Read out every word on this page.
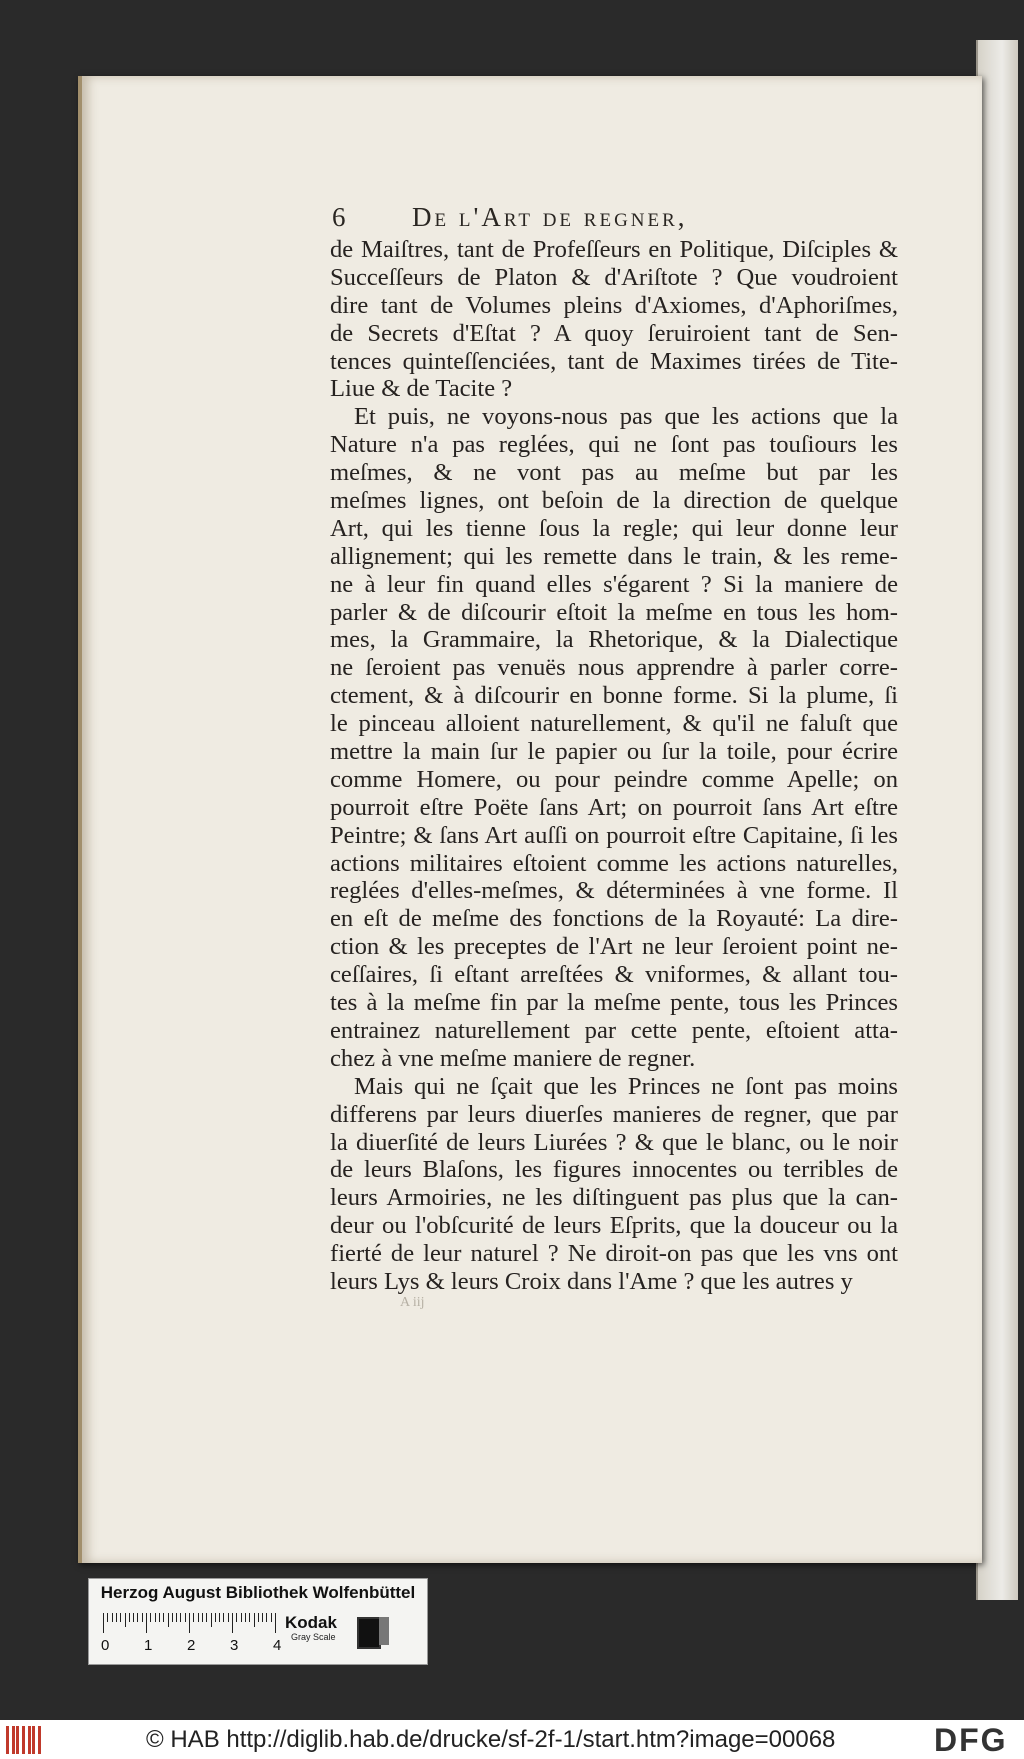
6 De l'Art de regner,
de Maiſtres, tant de Profeſſeurs en Politique, Diſciples &
Succeſſeurs de Platon & d'Ariſtote ? Que voudroient
dire tant de Volumes pleins d'Axiomes, d'Aphoriſmes,
de Secrets d'Eſtat ? A quoy ſeruiroient tant de Sen-
tences quinteſſenciées, tant de Maximes tirées de Tite-
Liue & de Tacite ?
Et puis, ne voyons-nous pas que les actions que la
Nature n'a pas reglées, qui ne ſont pas touſiours les
meſmes, & ne vont pas au meſme but par les
meſmes lignes, ont beſoin de la direction de quelque
Art, qui les tienne ſous la regle; qui leur donne leur
allignement; qui les remette dans le train, & les reme-
ne à leur fin quand elles s'égarent ? Si la maniere de
parler & de diſcourir eſtoit la meſme en tous les hom-
mes, la Grammaire, la Rhetorique, & la Dialectique
ne ſeroient pas venuës nous apprendre à parler corre-
ctement, & à diſcourir en bonne forme. Si la plume, ſi
le pinceau alloient naturellement, & qu'il ne faluſt que
mettre la main ſur le papier ou ſur la toile, pour écrire
comme Homere, ou pour peindre comme Apelle; on
pourroit eſtre Poëte ſans Art; on pourroit ſans Art eſtre
Peintre; & ſans Art auſſi on pourroit eſtre Capitaine, ſi les
actions militaires eſtoient comme les actions naturelles,
reglées d'elles-meſmes, & déterminées à vne forme. Il
en eſt de meſme des fonctions de la Royauté: La dire-
ction & les preceptes de l'Art ne leur ſeroient point ne-
ceſſaires, ſi eſtant arreſtées & vniformes, & allant tou-
tes à la meſme fin par la meſme pente, tous les Princes
entrainez naturellement par cette pente, eſtoient atta-
chez à vne meſme maniere de regner.
Mais qui ne ſçait que les Princes ne ſont pas moins
differens par leurs diuerſes manieres de regner, que par
la diuerſité de leurs Liurées ? & que le blanc, ou le noir
de leurs Blaſons, les figures innocentes ou terribles de
leurs Armoiries, ne les diſtinguent pas plus que la can-
deur ou l'obſcurité de leurs Eſprits, que la douceur ou la
fierté de leur naturel ? Ne diroit-on pas que les vns ont
leurs Lys & leurs Croix dans l'Ame ? que les autres y
A iij
Herzog August Bibliothek Wolfenbüttel
0 1 2 3 4
Kodak
Gray Scale
© HAB http://diglib.hab.de/drucke/sf-2f-1/start.htm?image=00068	DFG
